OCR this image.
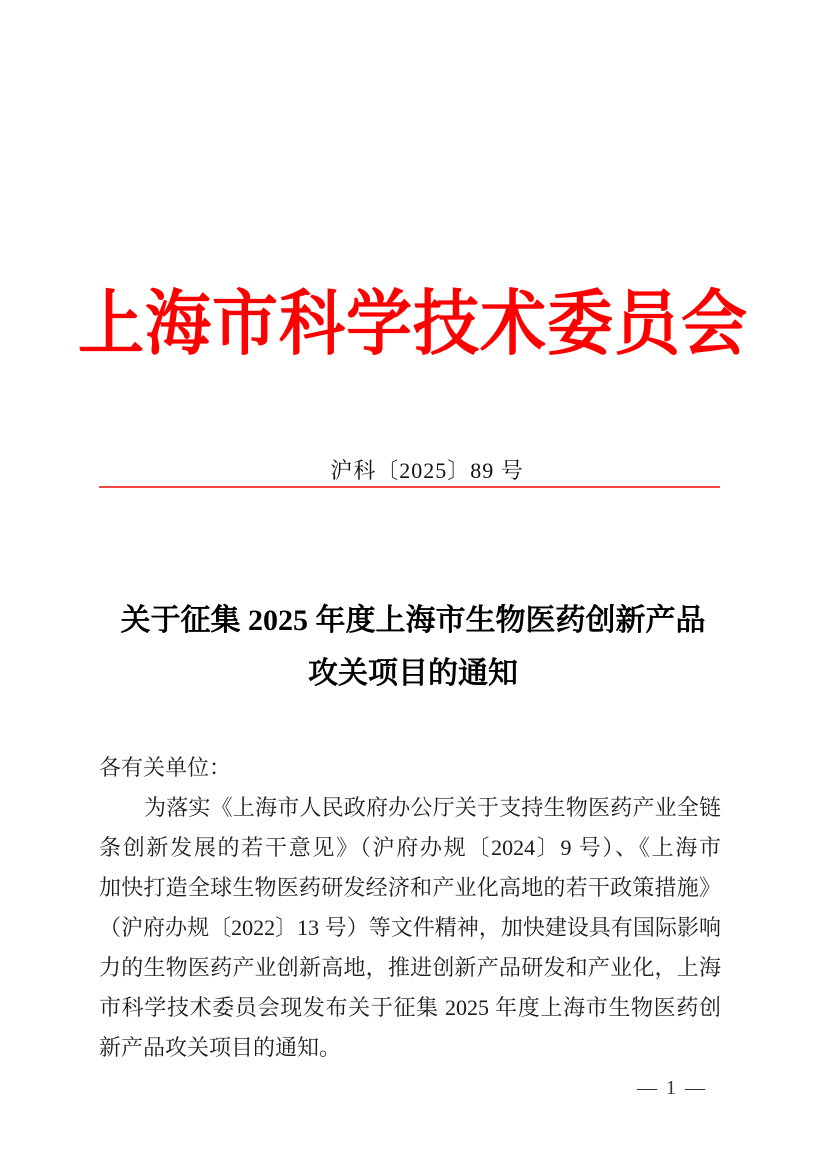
上海市科学技术委员会
沪科〔2025〕89 号
关于征集 2025 年度上海市生物医药创新产品
攻关项目的通知
各有关单位：
为落实《上海市人民政府办公厅关于支持生物医药产业全链
条创新发展的若干意见》（沪府办规〔2024〕9 号）、《上海市
加快打造全球生物医药研发经济和产业化高地的若干政策措施》
（沪府办规〔2022〕13 号）等文件精神，加快建设具有国际影响
力的生物医药产业创新高地，推进创新产品研发和产业化，上海
市科学技术委员会现发布关于征集 2025 年度上海市生物医药创
新产品攻关项目的通知。
— 1 —
